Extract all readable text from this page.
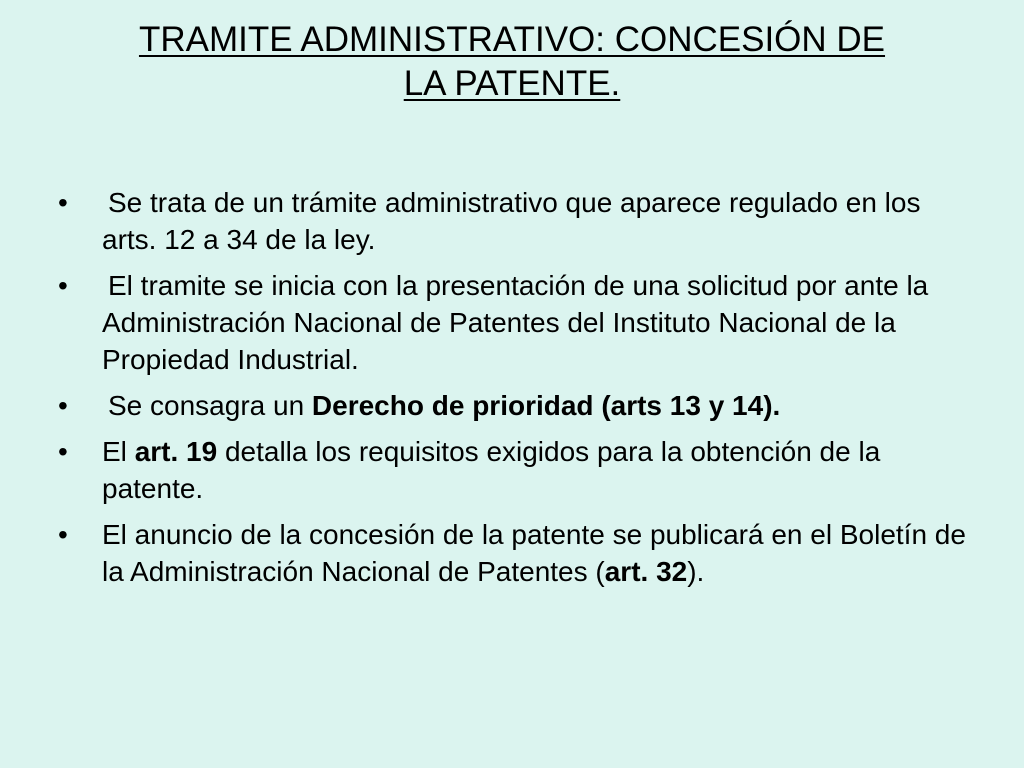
TRAMITE ADMINISTRATIVO: CONCESIÓN DE
LA PATENTE.
•	Se trata de un trámite administrativo que aparece regulado en los arts. 12 a 34 de la ley.
•	El tramite se inicia con la presentación de una solicitud por ante la Administración Nacional de Patentes del Instituto Nacional de la Propiedad Industrial.
•	Se consagra un Derecho de prioridad (arts 13 y 14).
•	El art. 19 detalla los requisitos exigidos para la obtención de la patente.
•	El anuncio de la concesión de la patente se publicará en el Boletín de la Administración Nacional de Patentes (art. 32).
